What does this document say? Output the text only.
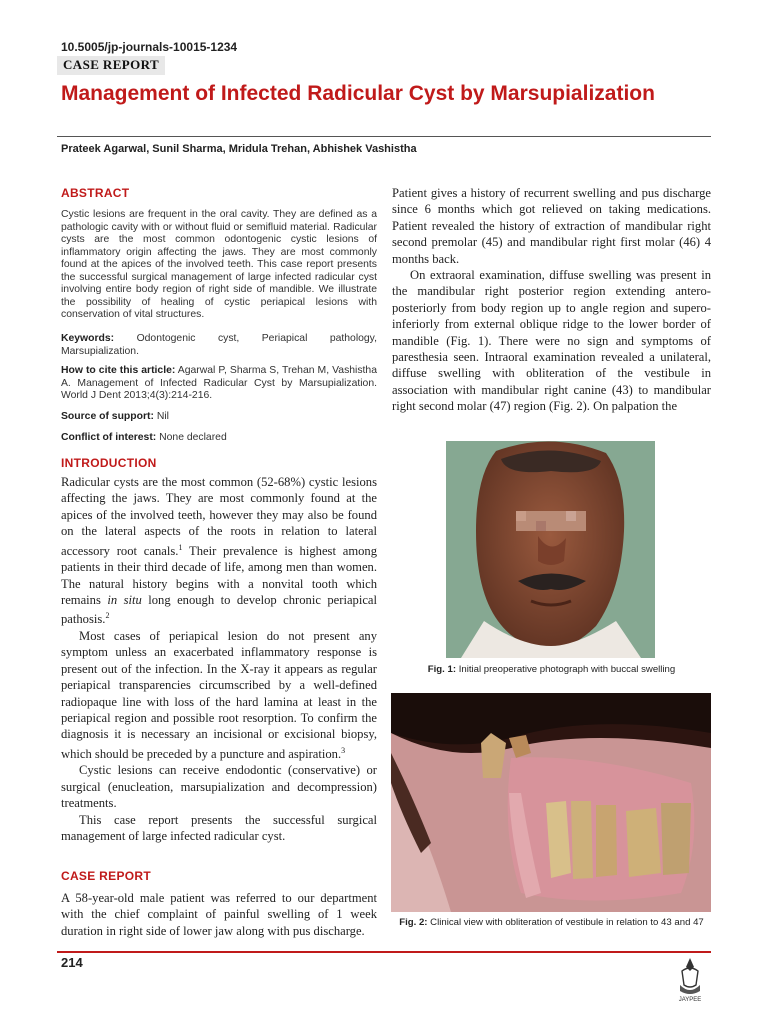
10.5005/jp-journals-10015-1234
CASE REPORT
Management of Infected Radicular Cyst by Marsupialization
Prateek Agarwal, Sunil Sharma, Mridula Trehan, Abhishek Vashistha
ABSTRACT

Cystic lesions are frequent in the oral cavity. They are defined as a pathologic cavity with or without fluid or semifluid material. Radicular cysts are the most common odontogenic cystic lesions of inflammatory origin affecting the jaws. They are most commonly found at the apices of the involved teeth. This case report presents the successful surgical management of large infected radicular cyst involving entire body region of right side of mandible. We illustrate the possibility of healing of cystic periapical lesions with conservation of vital structures.

Keywords: Odontogenic cyst, Periapical pathology, Marsupialization.

How to cite this article: Agarwal P, Sharma S, Trehan M, Vashistha A. Management of Infected Radicular Cyst by Marsupialization. World J Dent 2013;4(3):214-216.

Source of support: Nil

Conflict of interest: None declared

INTRODUCTION

Radicular cysts are the most common (52-68%) cystic lesions affecting the jaws. They are most commonly found at the apices of the involved teeth, however they may also be found on the lateral aspects of the roots in relation to lateral accessory root canals.$^1$ Their prevalence is highest among patients in their third decade of life, among men than women. The natural history begins with a nonvital tooth which remains in situ long enough to develop chronic periapical pathosis.$^2$

Most cases of periapical lesion do not present any symptom unless an exacerbated inflammatory response is present out of the infection. In the X-ray it appears as regular periapical transparencies circumscribed by a well-defined radiopaque line with loss of the hard lamina at least in the periapical region and possible root resorption. To confirm the diagnosis it is necessary an incisional or excisional biopsy, which should be preceded by a puncture and aspiration.$^3$

Cystic lesions can receive endodontic (conservative) or surgical (enucleation, marsupialization and decompression) treatments.

This case report presents the successful surgical management of large infected radicular cyst.

CASE REPORT

A 58-year-old male patient was referred to our department with the chief complaint of painful swelling of 1 week duration in right side of lower jaw along with pus discharge.

Patient gives a history of recurrent swelling and pus discharge since 6 months which got relieved on taking medications. Patient revealed the history of extraction of mandibular right second premolar (45) and mandibular right first molar (46) 4 months back.

On extraoral examination, diffuse swelling was present in the mandibular right posterior region extending antero-posteriorly from body region up to angle region and supero-inferiorly from external oblique ridge to the lower border of mandible (Fig. 1). There were no sign and symptoms of paresthesia seen. Intraoral examination revealed a unilateral, diffuse swelling with obliteration of the vestibule in association with mandibular right canine (43) to mandibular right second molar (47) region (Fig. 2). On palpation the

Fig. 1: Initial preoperative photograph with buccal swelling

Fig. 2: Clinical view with obliteration of vestibule in relation to 43 and 47

214
JAYPEE
